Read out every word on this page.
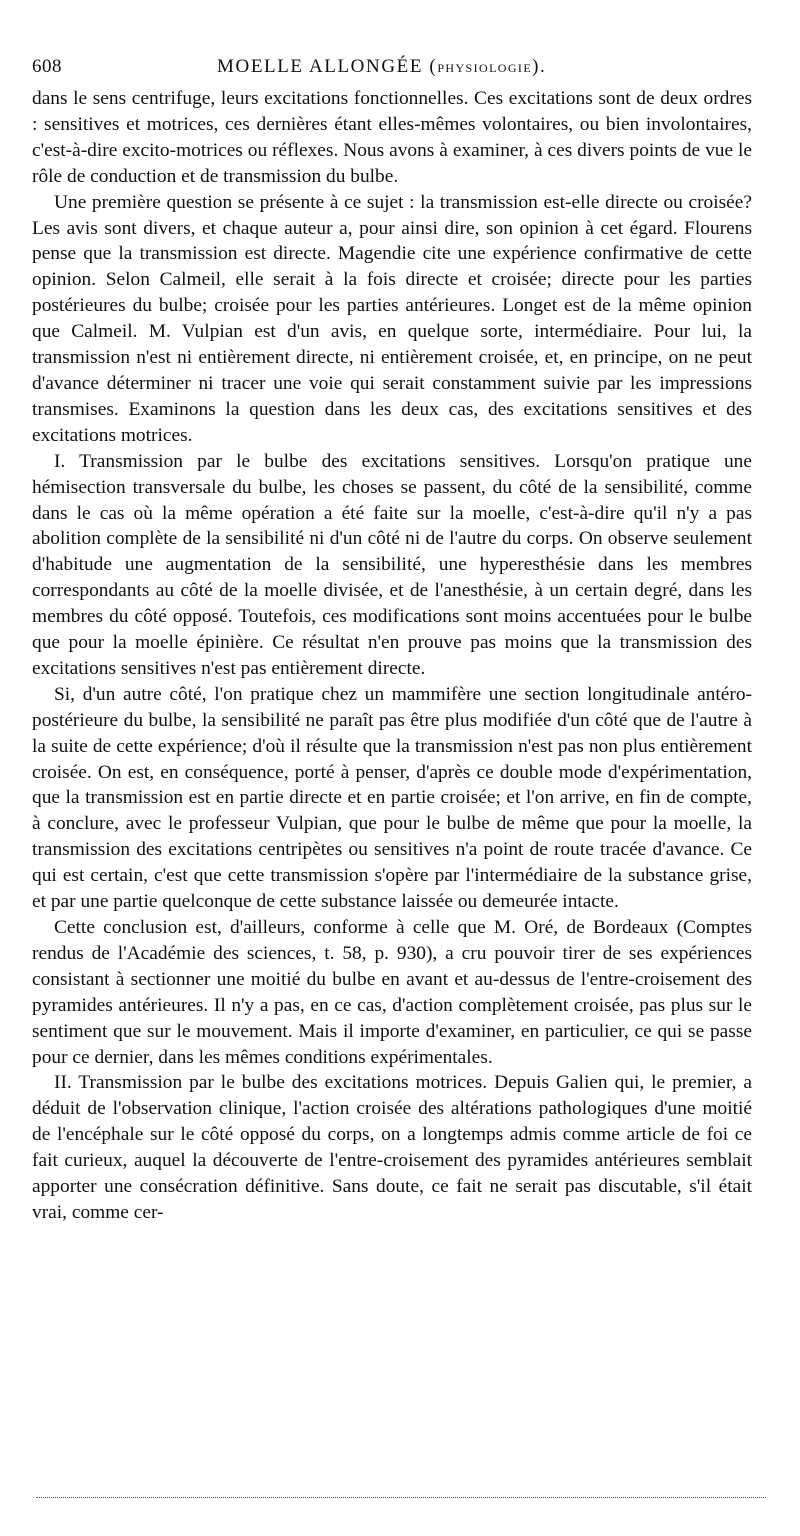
608	MOELLE ALLONGÉE (PHYSIOLOGIE).

dans le sens centrifuge, leurs excitations fonctionnelles. Ces excitations sont de deux ordres : sensitives et motrices, ces dernières étant elles-mêmes volontaires, ou bien involontaires, c'est-à-dire excito-motrices ou réflexes. Nous avons à examiner, à ces divers points de vue le rôle de conduction et de transmission du bulbe.

Une première question se présente à ce sujet : la transmission est-elle directe ou croisée? Les avis sont divers, et chaque auteur a, pour ainsi dire, son opinion à cet égard. Flourens pense que la transmission est directe. Magendie cite une expérience confirmative de cette opinion. Selon Calmeil, elle serait à la fois directe et croisée; directe pour les parties postérieures du bulbe; croisée pour les parties antérieures. Longet est de la même opinion que Calmeil. M. Vulpian est d'un avis, en quelque sorte, intermédiaire. Pour lui, la transmission n'est ni entièrement directe, ni entièrement croisée, et, en principe, on ne peut d'avance déterminer ni tracer une voie qui serait constamment suivie par les impressions transmises. Examinons la question dans les deux cas, des excitations sensitives et des excitations motrices.

I. Transmission par le bulbe des excitations sensitives. Lorsqu'on pratique une hémisection transversale du bulbe, les choses se passent, du côté de la sensibilité, comme dans le cas où la même opération a été faite sur la moelle, c'est-à-dire qu'il n'y a pas abolition complète de la sensibilité ni d'un côté ni de l'autre du corps. On observe seulement d'habitude une augmentation de la sensibilité, une hyperesthésie dans les membres correspondants au côté de la moelle divisée, et de l'anesthésie, à un certain degré, dans les membres du côté opposé. Toutefois, ces modifications sont moins accentuées pour le bulbe que pour la moelle épinière. Ce résultat n'en prouve pas moins que la transmission des excitations sensitives n'est pas entièrement directe.

Si, d'un autre côté, l'on pratique chez un mammifère une section longitudinale antéro-postérieure du bulbe, la sensibilité ne paraît pas être plus modifiée d'un côté que de l'autre à la suite de cette expérience; d'où il résulte que la transmission n'est pas non plus entièrement croisée. On est, en conséquence, porté à penser, d'après ce double mode d'expérimentation, que la transmission est en partie directe et en partie croisée; et l'on arrive, en fin de compte, à conclure, avec le professeur Vulpian, que pour le bulbe de même que pour la moelle, la transmission des excitations centripètes ou sensitives n'a point de route tracée d'avance. Ce qui est certain, c'est que cette transmission s'opère par l'intermédiaire de la substance grise, et par une partie quelconque de cette substance laissée ou demeurée intacte.

Cette conclusion est, d'ailleurs, conforme à celle que M. Oré, de Bordeaux (Comptes rendus de l'Académie des sciences, t. 58, p. 930), a cru pouvoir tirer de ses expériences consistant à sectionner une moitié du bulbe en avant et au-dessus de l'entre-croisement des pyramides antérieures. Il n'y a pas, en ce cas, d'action complètement croisée, pas plus sur le sentiment que sur le mouvement. Mais il importe d'examiner, en particulier, ce qui se passe pour ce dernier, dans les mêmes conditions expérimentales.

II. Transmission par le bulbe des excitations motrices. Depuis Galien qui, le premier, a déduit de l'observation clinique, l'action croisée des altérations pathologiques d'une moitié de l'encéphale sur le côté opposé du corps, on a longtemps admis comme article de foi ce fait curieux, auquel la découverte de l'entre-croisement des pyramides antérieures semblait apporter une consécration définitive. Sans doute, ce fait ne serait pas discutable, s'il était vrai, comme cer-
